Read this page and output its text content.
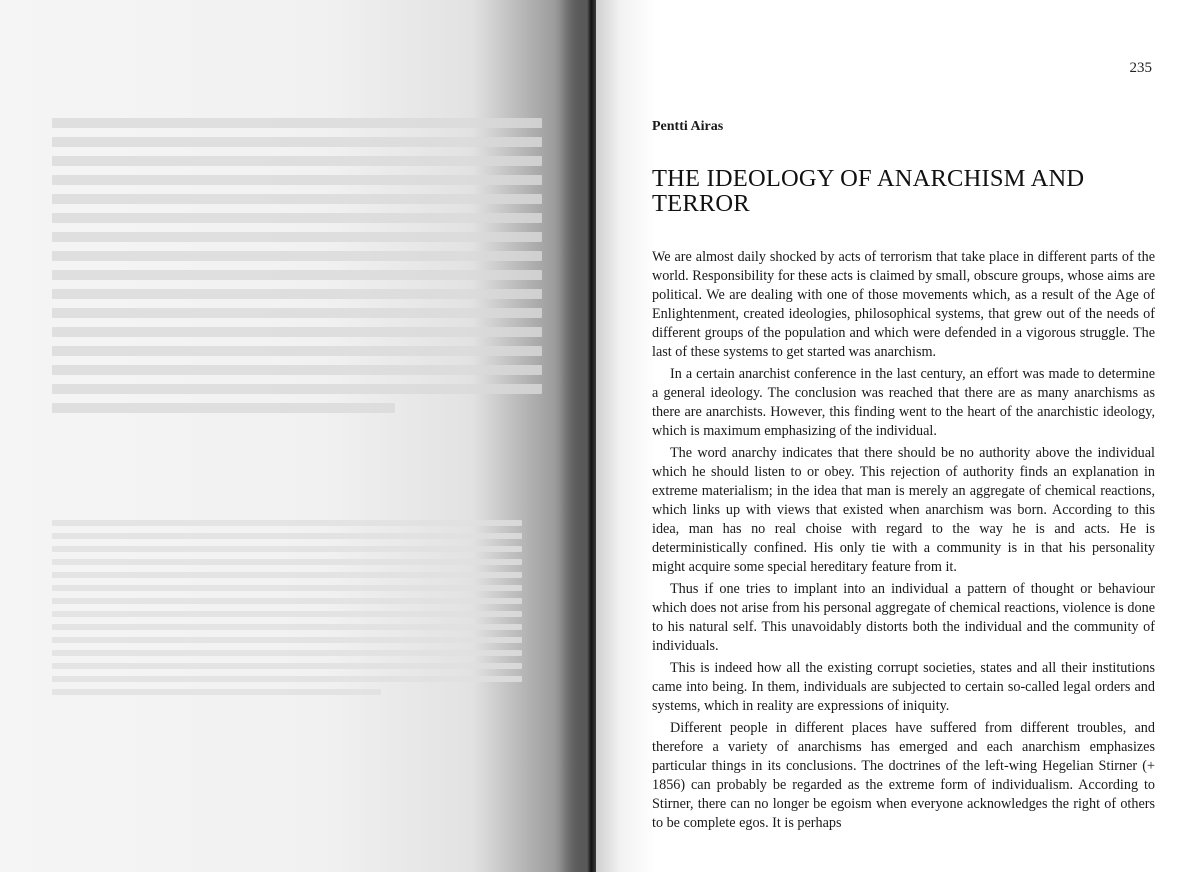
235
Pentti Airas
THE IDEOLOGY OF ANARCHISM AND TERROR

We are almost daily shocked by acts of terrorism that take place in different parts of the world. Responsibility for these acts is claimed by small, obscure groups, whose aims are political. We are dealing with one of those movements which, as a result of the Age of Enlightenment, created ideologies, philosophical systems, that grew out of the needs of different groups of the population and which were defended in a vigorous struggle. The last of these systems to get started was anarchism.

In a certain anarchist conference in the last century, an effort was made to determine a general ideology. The conclusion was reached that there are as many anarchisms as there are anarchists. However, this finding went to the heart of the anarchistic ideology, which is maximum emphasizing of the individual.

The word anarchy indicates that there should be no authority above the individual which he should listen to or obey. This rejection of authority finds an explanation in extreme materialism; in the idea that man is merely an aggregate of chemical reactions, which links up with views that existed when anarchism was born. According to this idea, man has no real choise with regard to the way he is and acts. He is deterministically confined. His only tie with a community is in that his personality might acquire some special hereditary feature from it.

Thus if one tries to implant into an individual a pattern of thought or behaviour which does not arise from his personal aggregate of chemical reactions, violence is done to his natural self. This unavoidably distorts both the individual and the community of individuals.

This is indeed how all the existing corrupt societies, states and all their institutions came into being. In them, individuals are subjected to certain so-called legal orders and systems, which in reality are expressions of iniquity.

Different people in different places have suffered from different troubles, and therefore a variety of anarchisms has emerged and each anarchism emphasizes particular things in its conclusions. The doctrines of the left-wing Hegelian Stirner (+ 1856) can probably be regarded as the extreme form of individualism. According to Stirner, there can no longer be egoism when everyone acknowledges the right of others to be complete egos. It is perhaps
